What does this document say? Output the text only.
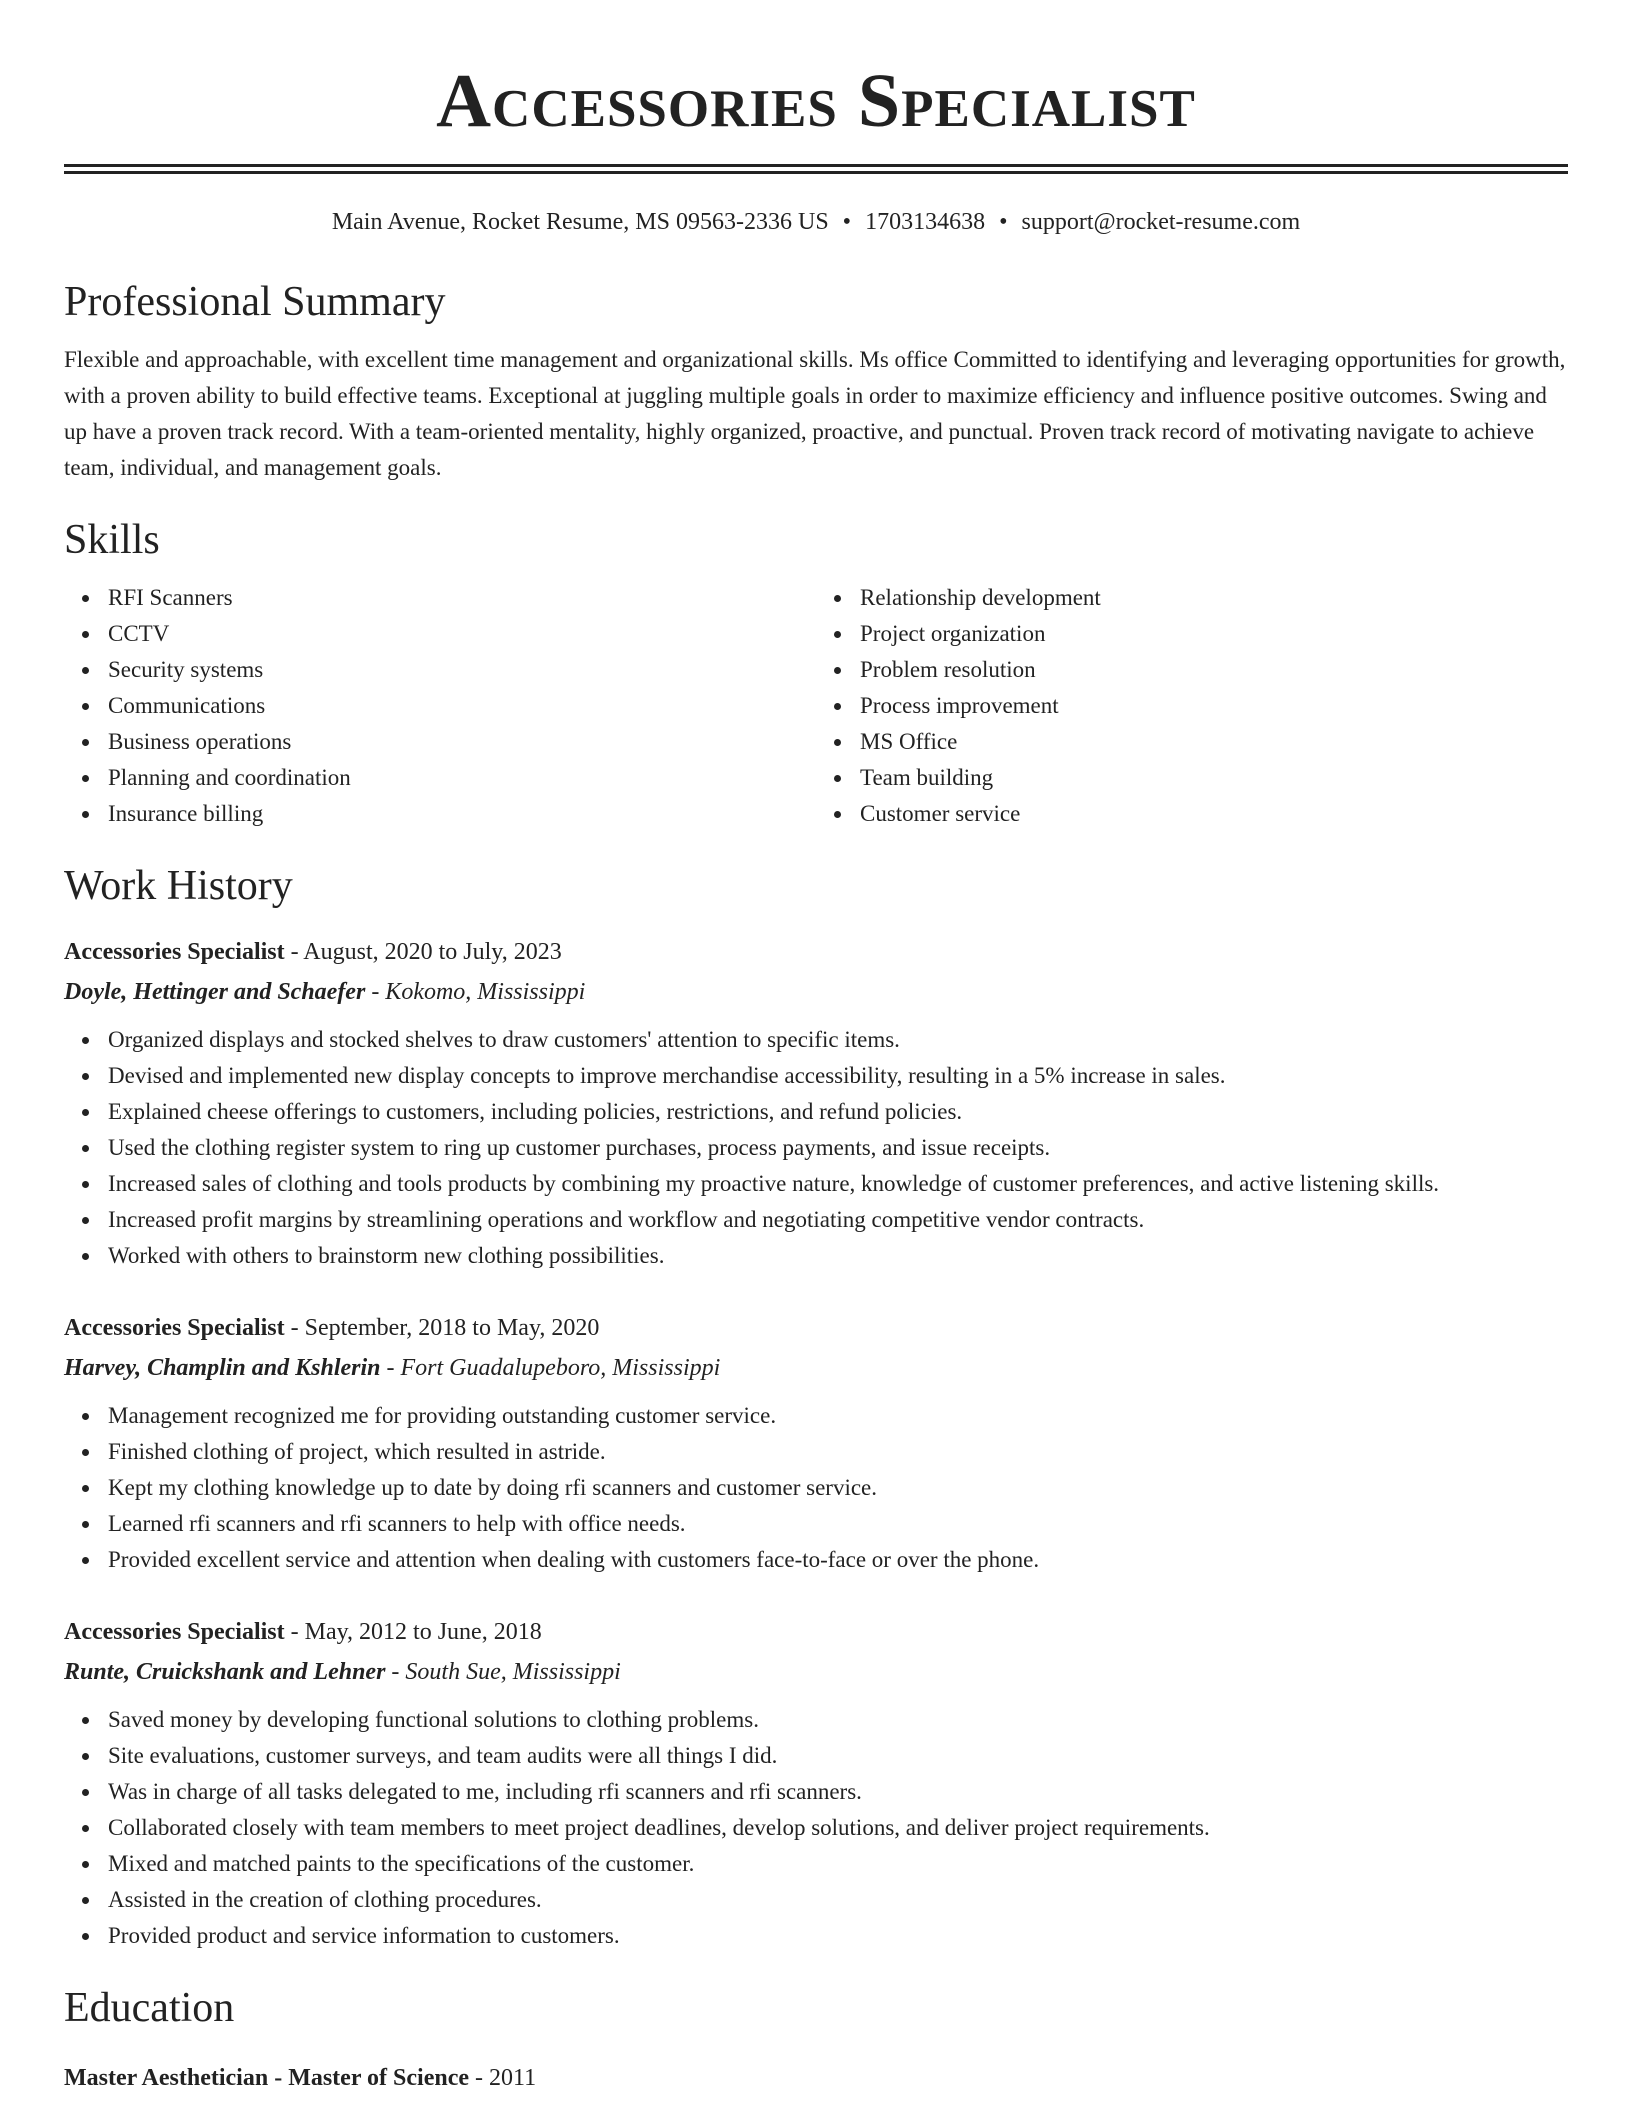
Accessories Specialist
Main Avenue, Rocket Resume, MS 09563-2336 US • 1703134638 • support@rocket-resume.com
Professional Summary

Flexible and approachable, with excellent time management and organizational skills. Ms office Committed to identifying and leveraging opportunities for growth, with a proven ability to build effective teams. Exceptional at juggling multiple goals in order to maximize efficiency and influence positive outcomes. Swing and up have a proven track record. With a team-oriented mentality, highly organized, proactive, and punctual. Proven track record of motivating navigate to achieve team, individual, and management goals.

Skills
RFI Scanners
CCTV
Security systems
Communications
Business operations
Planning and coordination
Insurance billing
Relationship development
Project organization
Problem resolution
Process improvement
MS Office
Team building
Customer service
Work History
Accessories Specialist - August, 2020 to July, 2023
Doyle, Hettinger and Schaefer - Kokomo, Mississippi
Organized displays and stocked shelves to draw customers' attention to specific items.
Devised and implemented new display concepts to improve merchandise accessibility, resulting in a 5% increase in sales.
Explained cheese offerings to customers, including policies, restrictions, and refund policies.
Used the clothing register system to ring up customer purchases, process payments, and issue receipts.
Increased sales of clothing and tools products by combining my proactive nature, knowledge of customer preferences, and active listening skills.
Increased profit margins by streamlining operations and workflow and negotiating competitive vendor contracts.
Worked with others to brainstorm new clothing possibilities.
Accessories Specialist - September, 2018 to May, 2020
Harvey, Champlin and Kshlerin - Fort Guadalupeboro, Mississippi
Management recognized me for providing outstanding customer service.
Finished clothing of project, which resulted in astride.
Kept my clothing knowledge up to date by doing rfi scanners and customer service.
Learned rfi scanners and rfi scanners to help with office needs.
Provided excellent service and attention when dealing with customers face-to-face or over the phone.
Accessories Specialist - May, 2012 to June, 2018
Runte, Cruickshank and Lehner - South Sue, Mississippi
Saved money by developing functional solutions to clothing problems.
Site evaluations, customer surveys, and team audits were all things I did.
Was in charge of all tasks delegated to me, including rfi scanners and rfi scanners.
Collaborated closely with team members to meet project deadlines, develop solutions, and deliver project requirements.
Mixed and matched paints to the specifications of the customer.
Assisted in the creation of clothing procedures.
Provided product and service information to customers.
Education
Master Aesthetician - Master of Science - 2011
